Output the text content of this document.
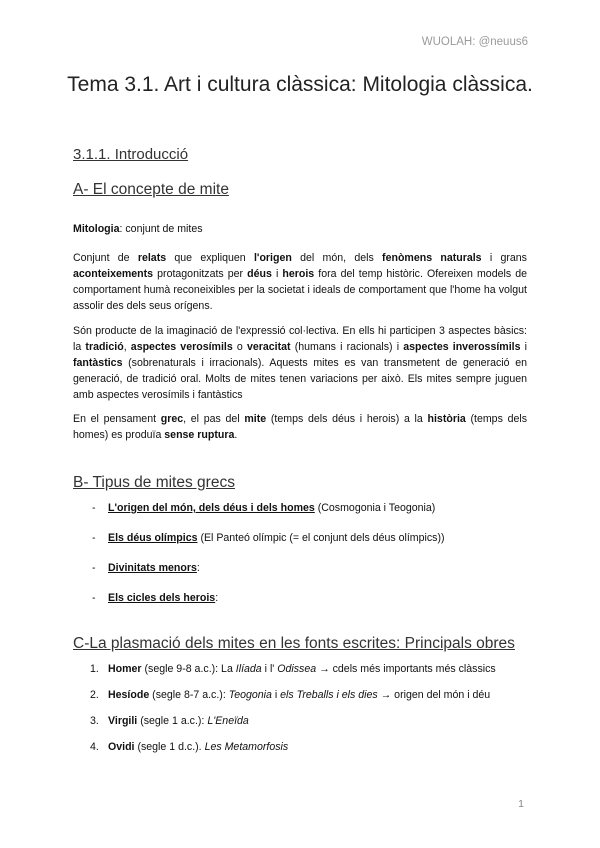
WUOLAH: @neuus6
Tema 3.1. Art i cultura clàssica: Mitologia clàssica.
3.1.1. Introducció
A- El concepte de mite
Mitologia: conjunt de mites
Conjunt de relats que expliquen l'origen del món, dels fenòmens naturals i grans aconteixements protagonitzats per déus i herois fora del temp històric. Ofereixen models de comportament humà reconeixibles per la societat i ideals de comportament que l'home ha volgut assolir des dels seus orígens.
Són producte de la imaginació de l'expressió col·lectiva. En ells hi participen 3 aspectes bàsics: la tradició, aspectes verosímils o veracitat (humans i racionals) i aspectes inverossímils i fantàstics (sobrenaturals i irracionals). Aquests mites es van transmetent de generació en generació, de tradició oral. Molts de mites tenen variacions per això. Els mites sempre juguen amb aspectes verosímils i fantàstics
En el pensament grec, el pas del mite (temps dels déus i herois) a la història (temps dels homes) es produïa sense ruptura.
B- Tipus de mites grecs
- L'origen del món, dels déus i dels homes (Cosmogonia i Teogonia)
- Els déus olímpics (El Panteó olímpic (= el conjunt dels déus olímpics))
- Divinitats menors:
- Els cicles dels herois:
C-La plasmació dels mites en les fonts escrites: Principals obres
1. Homer (segle 9-8 a.c.): La Ilíada i l' Odissea → cdels més importants més clàssics
2. Hesíode (segle 8-7 a.c.): Teogonia i els Treballs i els dies → origen del món i déu
3. Virgili (segle 1 a.c.): L'Eneïda
4. Ovidi (segle 1 d.c.). Les Metamorfosis
1
